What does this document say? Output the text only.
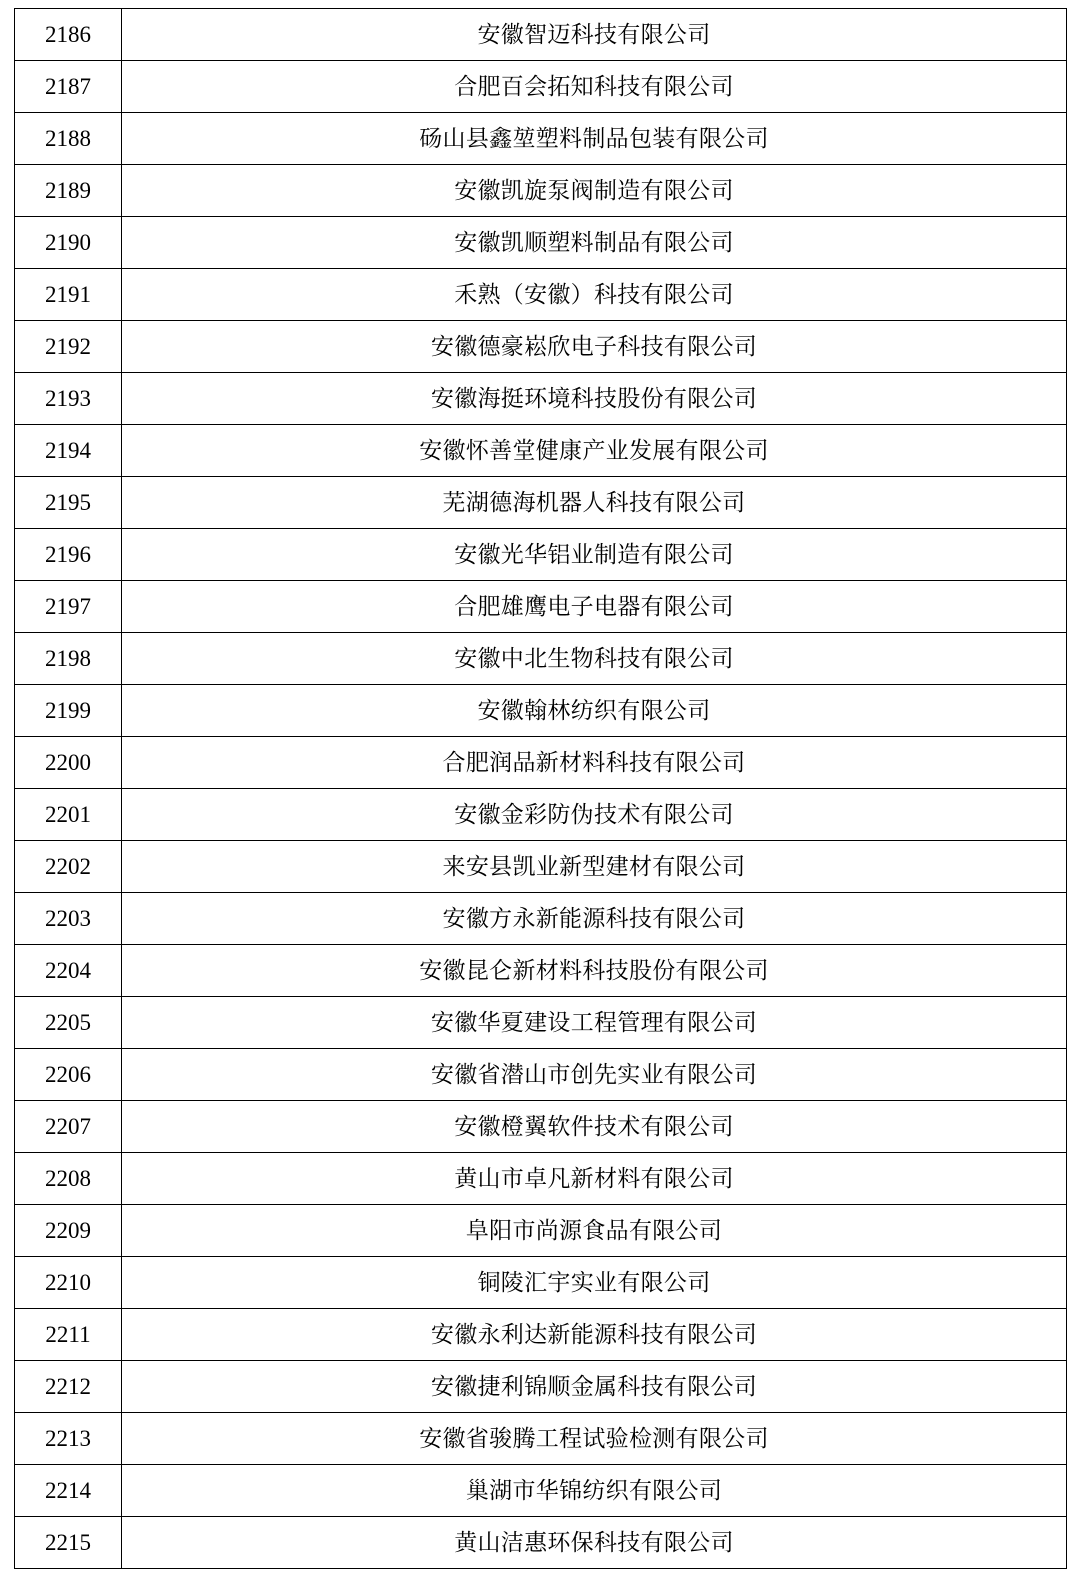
2186	安徽智迈科技有限公司
2187	合肥百会拓知科技有限公司
2188	砀山县鑫堃塑料制品包装有限公司
2189	安徽凯旋泵阀制造有限公司
2190	安徽凯顺塑料制品有限公司
2191	禾熟（安徽）科技有限公司
2192	安徽德豪崧欣电子科技有限公司
2193	安徽海挺环境科技股份有限公司
2194	安徽怀善堂健康产业发展有限公司
2195	芜湖德海机器人科技有限公司
2196	安徽光华铝业制造有限公司
2197	合肥雄鹰电子电器有限公司
2198	安徽中北生物科技有限公司
2199	安徽翰林纺织有限公司
2200	合肥润品新材料科技有限公司
2201	安徽金彩防伪技术有限公司
2202	来安县凯业新型建材有限公司
2203	安徽方永新能源科技有限公司
2204	安徽昆仑新材料科技股份有限公司
2205	安徽华夏建设工程管理有限公司
2206	安徽省潜山市创先实业有限公司
2207	安徽橙翼软件技术有限公司
2208	黄山市卓凡新材料有限公司
2209	阜阳市尚源食品有限公司
2210	铜陵汇宇实业有限公司
2211	安徽永利达新能源科技有限公司
2212	安徽捷利锦顺金属科技有限公司
2213	安徽省骏腾工程试验检测有限公司
2214	巢湖市华锦纺织有限公司
2215	黄山洁惠环保科技有限公司
